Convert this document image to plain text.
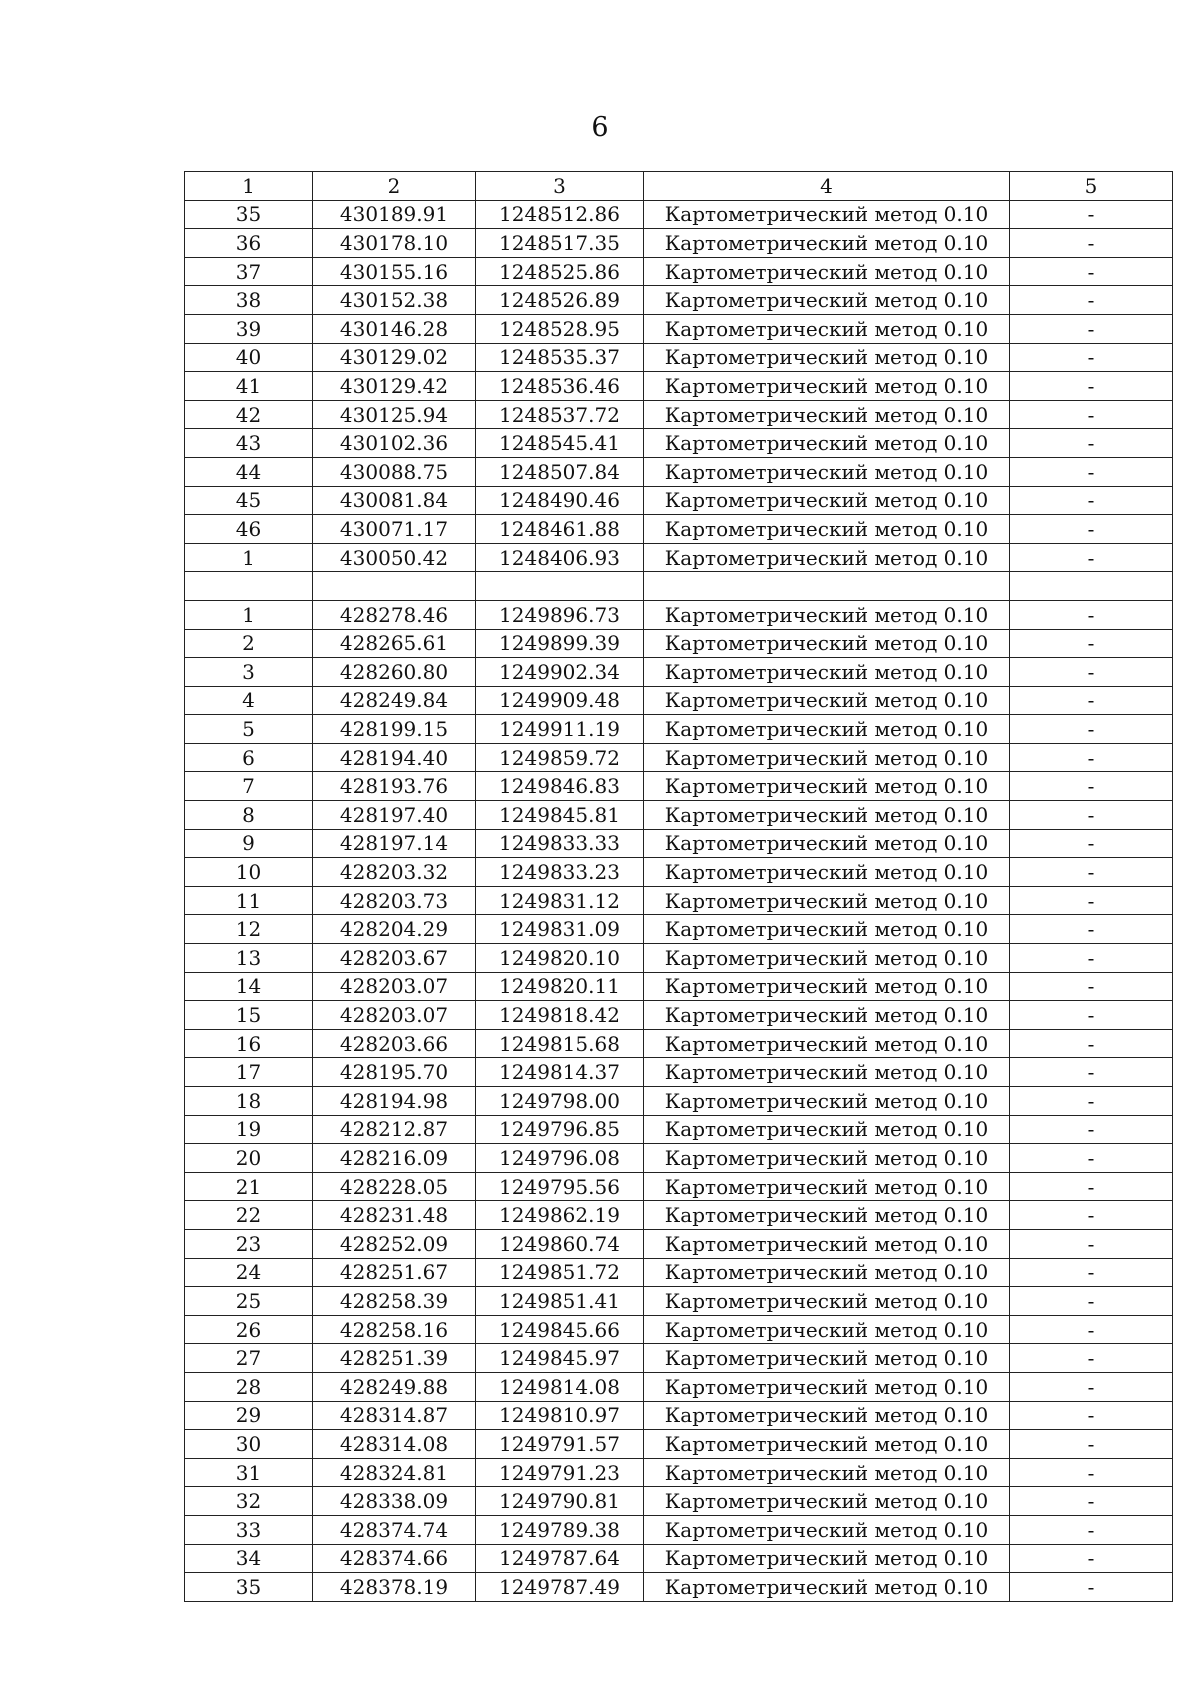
6
1	2	3	4	5
35	430189.91	1248512.86	Картометрический метод 0.10	-
36	430178.10	1248517.35	Картометрический метод 0.10	-
37	430155.16	1248525.86	Картометрический метод 0.10	-
38	430152.38	1248526.89	Картометрический метод 0.10	-
39	430146.28	1248528.95	Картометрический метод 0.10	-
40	430129.02	1248535.37	Картометрический метод 0.10	-
41	430129.42	1248536.46	Картометрический метод 0.10	-
42	430125.94	1248537.72	Картометрический метод 0.10	-
43	430102.36	1248545.41	Картометрический метод 0.10	-
44	430088.75	1248507.84	Картометрический метод 0.10	-
45	430081.84	1248490.46	Картометрический метод 0.10	-
46	430071.17	1248461.88	Картометрический метод 0.10	-
1	430050.42	1248406.93	Картометрический метод 0.10	-

1	428278.46	1249896.73	Картометрический метод 0.10	-
2	428265.61	1249899.39	Картометрический метод 0.10	-
3	428260.80	1249902.34	Картометрический метод 0.10	-
4	428249.84	1249909.48	Картометрический метод 0.10	-
5	428199.15	1249911.19	Картометрический метод 0.10	-
6	428194.40	1249859.72	Картометрический метод 0.10	-
7	428193.76	1249846.83	Картометрический метод 0.10	-
8	428197.40	1249845.81	Картометрический метод 0.10	-
9	428197.14	1249833.33	Картометрический метод 0.10	-
10	428203.32	1249833.23	Картометрический метод 0.10	-
11	428203.73	1249831.12	Картометрический метод 0.10	-
12	428204.29	1249831.09	Картометрический метод 0.10	-
13	428203.67	1249820.10	Картометрический метод 0.10	-
14	428203.07	1249820.11	Картометрический метод 0.10	-
15	428203.07	1249818.42	Картометрический метод 0.10	-
16	428203.66	1249815.68	Картометрический метод 0.10	-
17	428195.70	1249814.37	Картометрический метод 0.10	-
18	428194.98	1249798.00	Картометрический метод 0.10	-
19	428212.87	1249796.85	Картометрический метод 0.10	-
20	428216.09	1249796.08	Картометрический метод 0.10	-
21	428228.05	1249795.56	Картометрический метод 0.10	-
22	428231.48	1249862.19	Картометрический метод 0.10	-
23	428252.09	1249860.74	Картометрический метод 0.10	-
24	428251.67	1249851.72	Картометрический метод 0.10	-
25	428258.39	1249851.41	Картометрический метод 0.10	-
26	428258.16	1249845.66	Картометрический метод 0.10	-
27	428251.39	1249845.97	Картометрический метод 0.10	-
28	428249.88	1249814.08	Картометрический метод 0.10	-
29	428314.87	1249810.97	Картометрический метод 0.10	-
30	428314.08	1249791.57	Картометрический метод 0.10	-
31	428324.81	1249791.23	Картометрический метод 0.10	-
32	428338.09	1249790.81	Картометрический метод 0.10	-
33	428374.74	1249789.38	Картометрический метод 0.10	-
34	428374.66	1249787.64	Картометрический метод 0.10	-
35	428378.19	1249787.49	Картометрический метод 0.10	-
